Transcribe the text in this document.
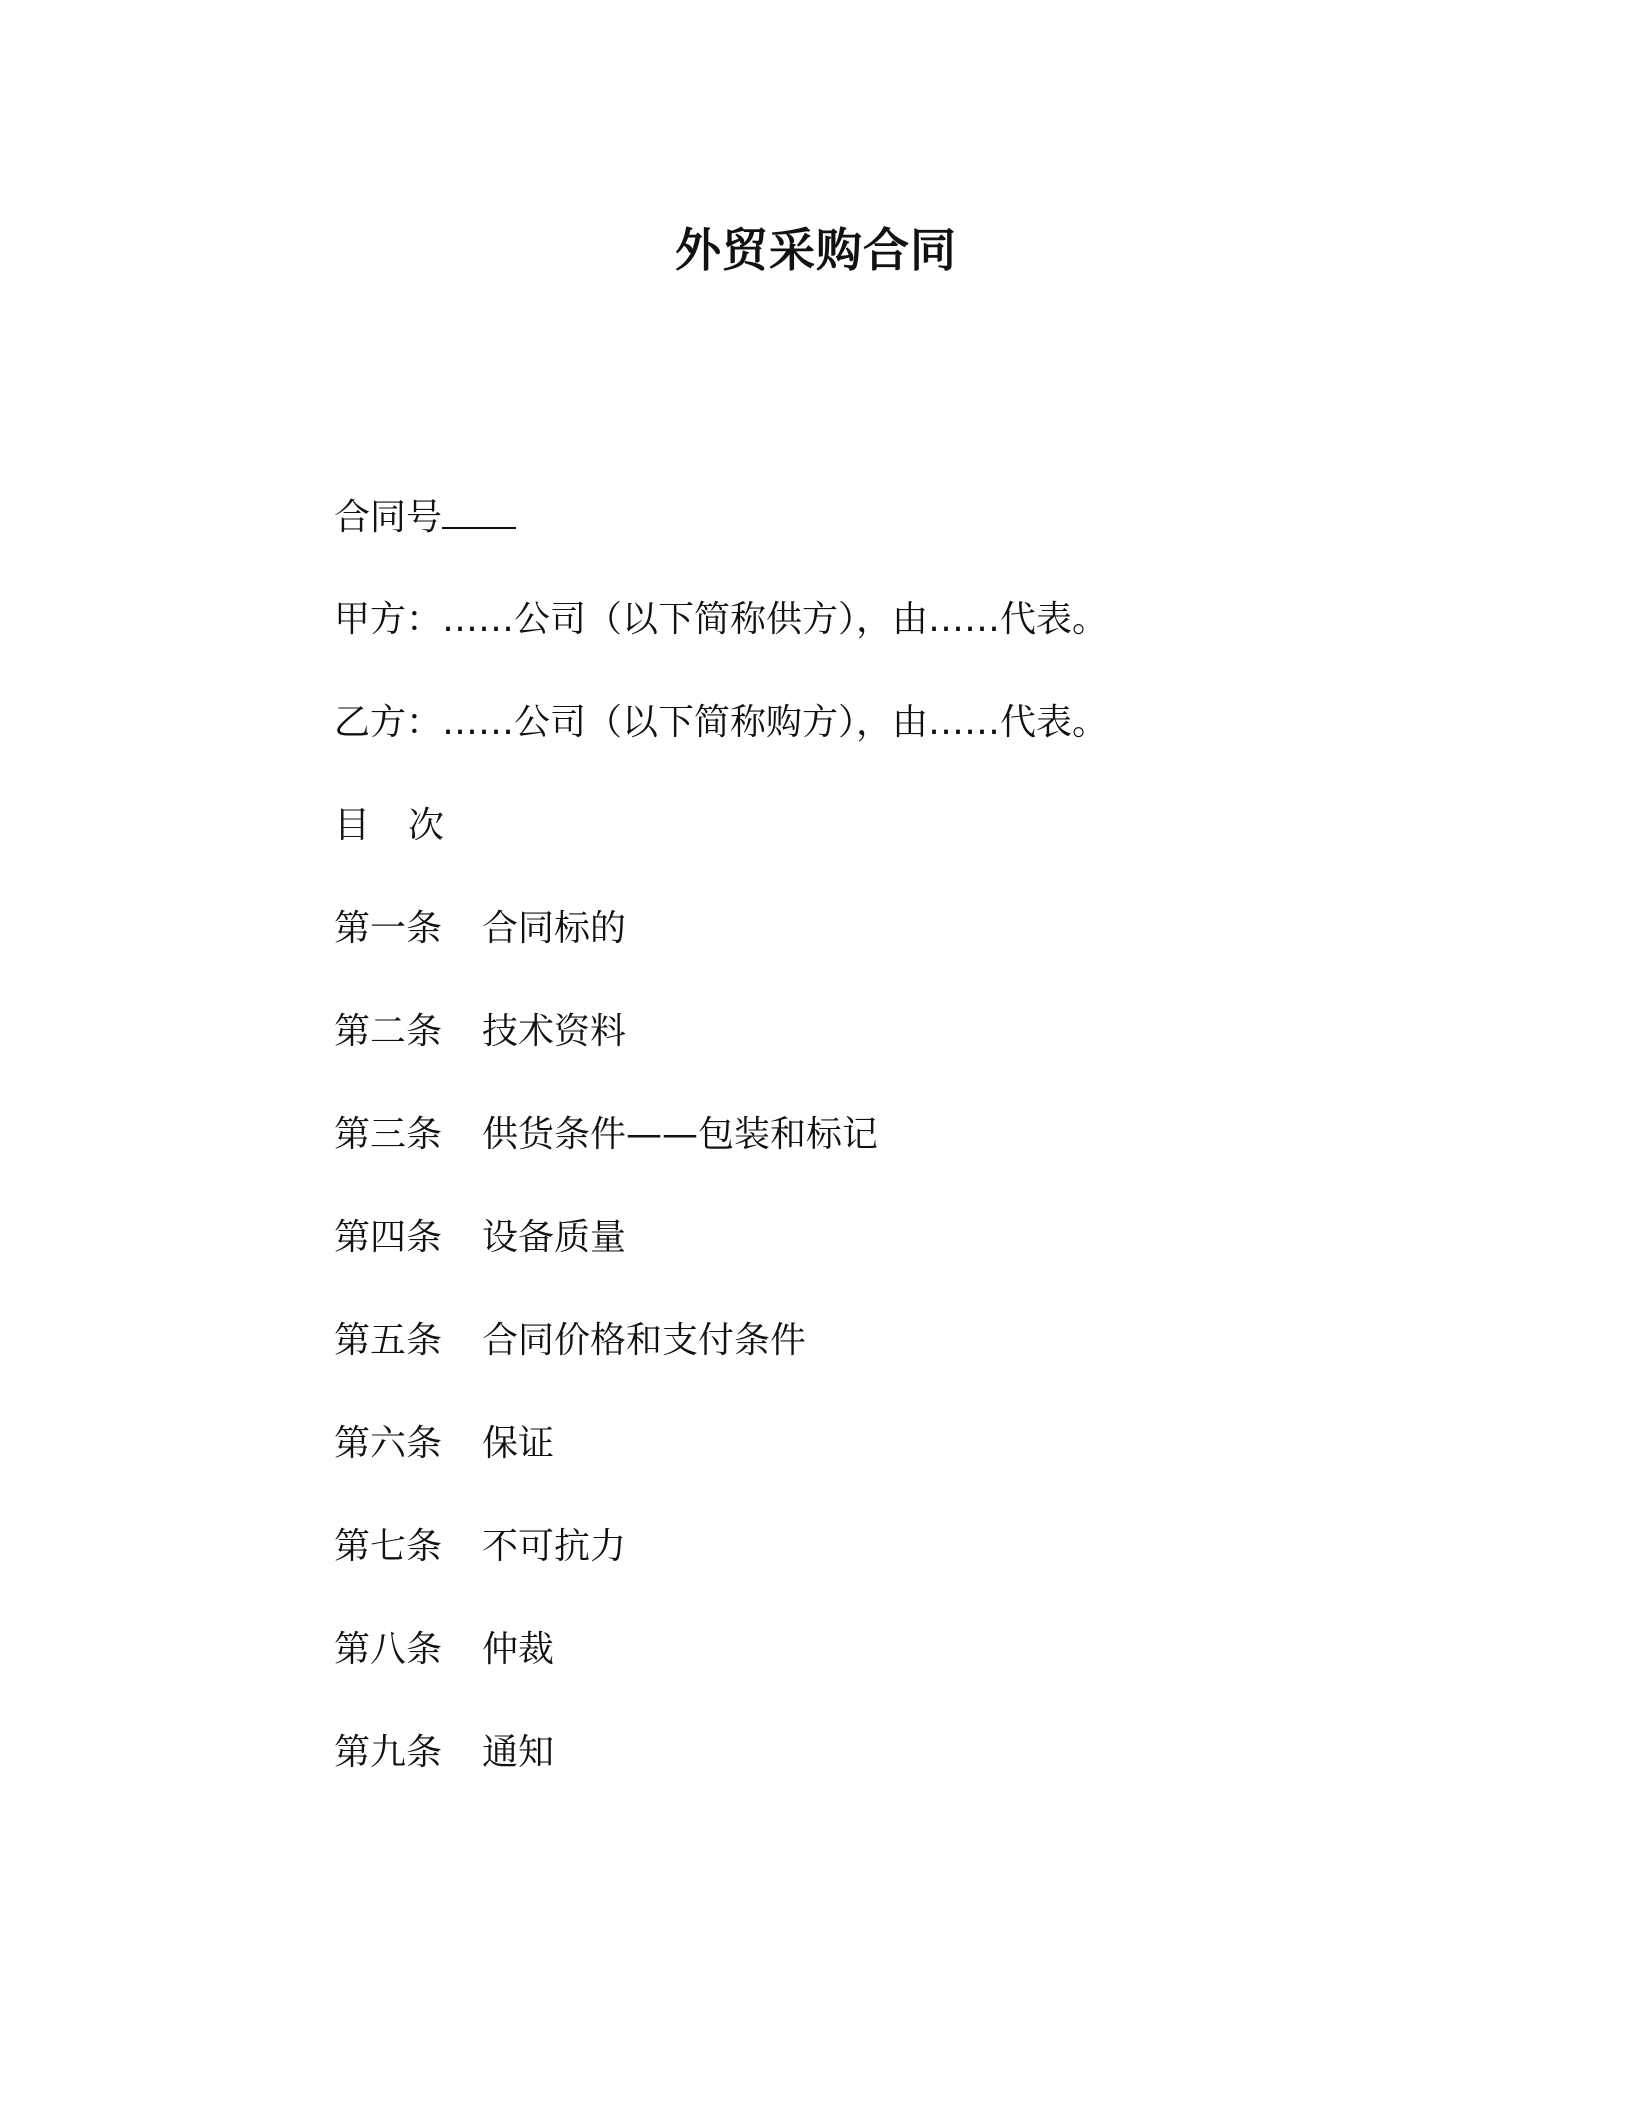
外贸采购合同
合同号
甲方：……公司（以下简称供方），由……代表。
乙方：……公司（以下简称购方），由……代表。
目 次
第一条 合同标的
第二条 技术资料
第三条 供货条件——包装和标记
第四条 设备质量
第五条 合同价格和支付条件
第六条 保证
第七条 不可抗力
第八条 仲裁
第九条 通知
